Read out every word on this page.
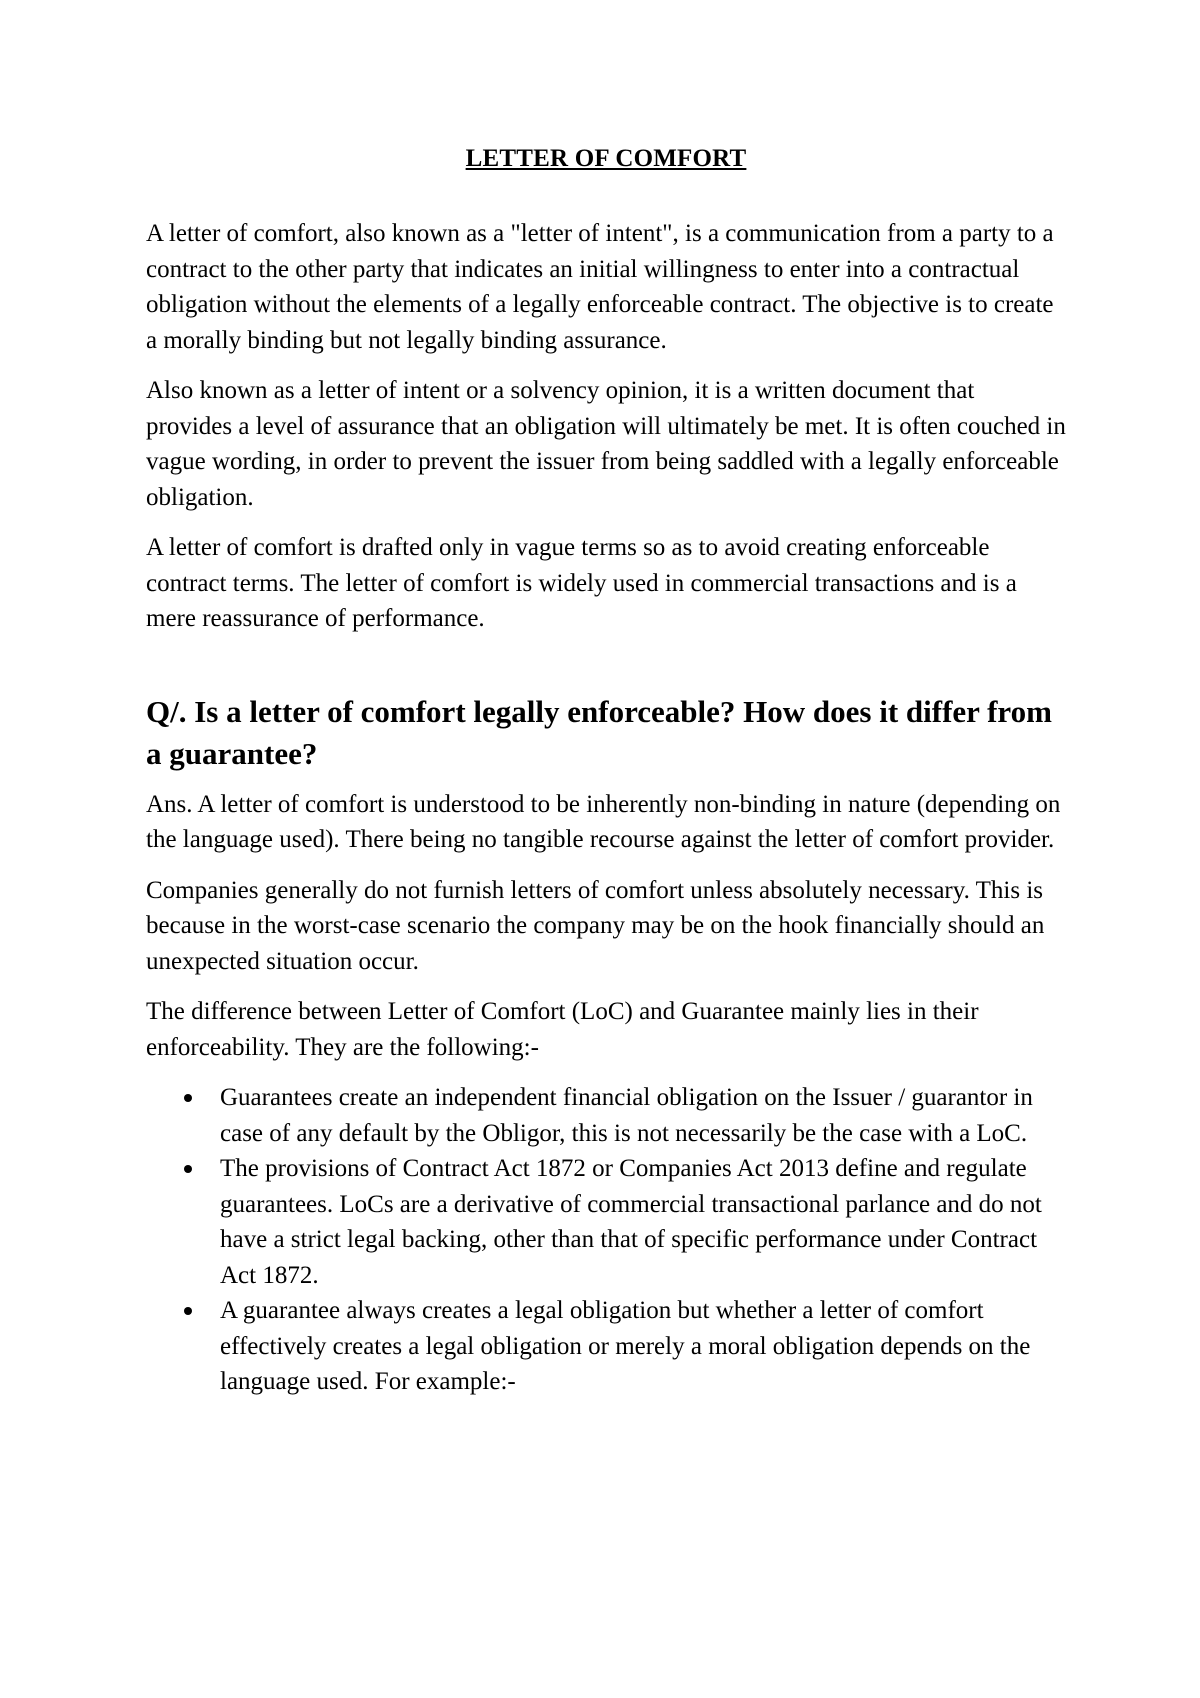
LETTER OF COMFORT

A letter of comfort, also known as a "letter of intent", is a communication from a party to a contract to the other party that indicates an initial willingness to enter into a contractual obligation without the elements of a legally enforceable contract. The objective is to create a morally binding but not legally binding assurance.

Also known as a letter of intent or a solvency opinion, it is a written document that provides a level of assurance that an obligation will ultimately be met. It is often couched in vague wording, in order to prevent the issuer from being saddled with a legally enforceable obligation.

A letter of comfort is drafted only in vague terms so as to avoid creating enforceable contract terms. The letter of comfort is widely used in commercial transactions and is a mere reassurance of performance.

Q/. Is a letter of comfort legally enforceable? How does it differ from a guarantee?

Ans. A letter of comfort is understood to be inherently non-binding in nature (depending on the language used). There being no tangible recourse against the letter of comfort provider.

Companies generally do not furnish letters of comfort unless absolutely necessary. This is because in the worst-case scenario the company may be on the hook financially should an unexpected situation occur.

The difference between Letter of Comfort (LoC) and Guarantee mainly lies in their enforceability. They are the following:-

Guarantees create an independent financial obligation on the Issuer / guarantor in case of any default by the Obligor, this is not necessarily be the case with a LoC.
The provisions of Contract Act 1872 or Companies Act 2013 define and regulate guarantees. LoCs are a derivative of commercial transactional parlance and do not have a strict legal backing, other than that of specific performance under Contract Act 1872.
A guarantee always creates a legal obligation but whether a letter of comfort effectively creates a legal obligation or merely a moral obligation depends on the language used. For example:-
